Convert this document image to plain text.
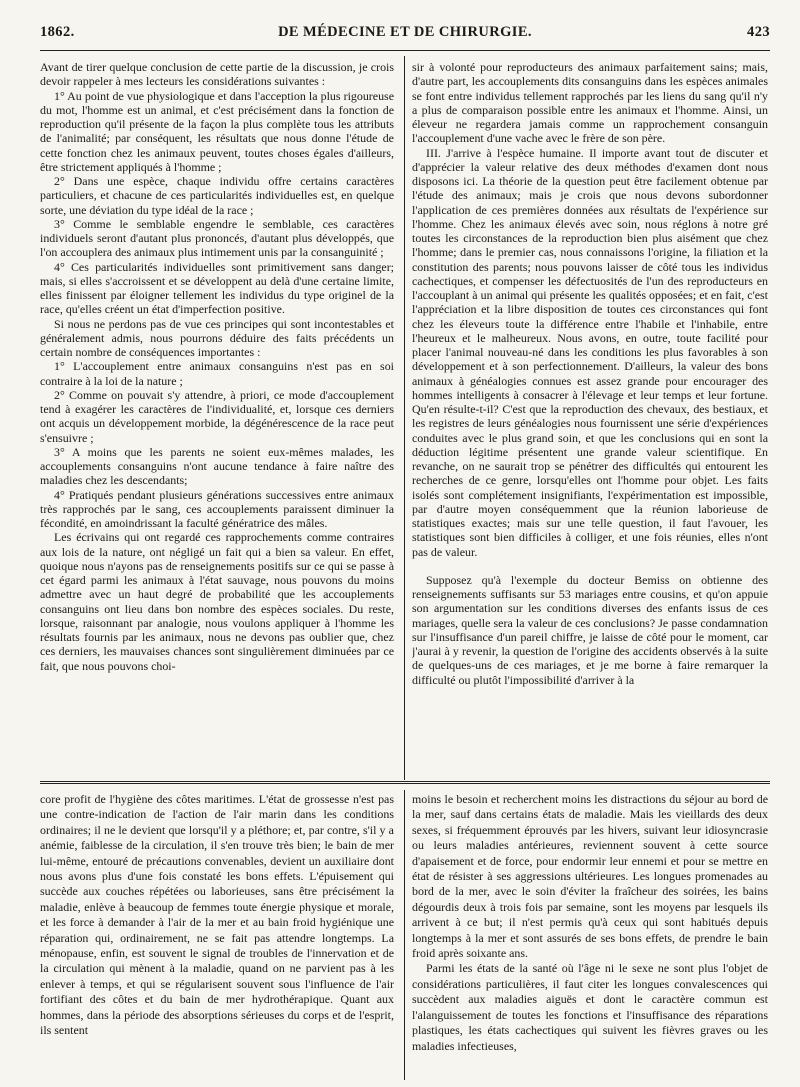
1862.	DE MÉDECINE ET DE CHIRURGIE.	423

Avant de tirer quelque conclusion de cette partie de la discussion, je crois devoir rappeler à mes lecteurs les considérations suivantes :

1° Au point de vue physiologique et dans l'acception la plus rigoureuse du mot, l'homme est un animal, et c'est précisément dans la fonction de reproduction qu'il présente de la façon la plus complète tous les attributs de l'animalité; par conséquent, les résultats que nous donne l'étude de cette fonction chez les animaux peuvent, toutes choses égales d'ailleurs, être strictement appliqués à l'homme ;

2° Dans une espèce, chaque individu offre certains caractères particuliers, et chacune de ces particularités individuelles est, en quelque sorte, une déviation du type idéal de la race ;

3° Comme le semblable engendre le semblable, ces caractères individuels seront d'autant plus prononcés, d'autant plus développés, que l'on accouplera des animaux plus intimement unis par la consanguinité ;

4° Ces particularités individuelles sont primitivement sans danger; mais, si elles s'accroissent et se développent au delà d'une certaine limite, elles finissent par éloigner tellement les individus du type originel de la race, qu'elles créent un état d'imperfection positive.

Si nous ne perdons pas de vue ces principes qui sont incontestables et généralement admis, nous pourrons déduire des faits précédents un certain nombre de conséquences importantes :

1° L'accouplement entre animaux consanguins n'est pas en soi contraire à la loi de la nature ;

2° Comme on pouvait s'y attendre, à priori, ce mode d'accouplement tend à exagérer les caractères de l'individualité, et, lorsque ces derniers ont acquis un développement morbide, la dégénérescence de la race peut s'ensuivre ;

3° A moins que les parents ne soient eux-mêmes malades, les accouplements consanguins n'ont aucune tendance à faire naître des maladies chez les descendants;

4° Pratiqués pendant plusieurs générations successives entre animaux très rapprochés par le sang, ces accouplements paraissent diminuer la fécondité, en amoindrissant la faculté génératrice des mâles.

Les écrivains qui ont regardé ces rapprochements comme contraires aux lois de la nature, ont négligé un fait qui a bien sa valeur. En effet, quoique nous n'ayons pas de renseignements positifs sur ce qui se passe à cet égard parmi les animaux à l'état sauvage, nous pouvons du moins admettre avec un haut degré de probabilité que les accouplements consanguins ont lieu dans bon nombre des espèces sociales. Du reste, lorsque, raisonnant par analogie, nous voulons appliquer à l'homme les résultats fournis par les animaux, nous ne devons pas oublier que, chez ces derniers, les mauvaises chances sont singulièrement diminuées par ce fait, que nous pouvons choi-

sir à volonté pour reproducteurs des animaux parfaitement sains; mais, d'autre part, les accouplements dits consanguins dans les espèces animales se font entre individus tellement rapprochés par les liens du sang qu'il n'y a plus de comparaison possible entre les animaux et l'homme. Ainsi, un éleveur ne regardera jamais comme un rapprochement consanguin l'accouplement d'une vache avec le frère de son père.

III. J'arrive à l'espèce humaine. Il importe avant tout de discuter et d'apprécier la valeur relative des deux méthodes d'examen dont nous disposons ici. La théorie de la question peut être facilement obtenue par l'étude des animaux; mais je crois que nous devons subordonner l'application de ces premières données aux résultats de l'expérience sur l'homme. Chez les animaux élevés avec soin, nous réglons à notre gré toutes les circonstances de la reproduction bien plus aisément que chez l'homme; dans le premier cas, nous connaissons l'origine, la filiation et la constitution des parents; nous pouvons laisser de côté tous les individus cachectiques, et compenser les défectuosités de l'un des reproducteurs en l'accouplant à un animal qui présente les qualités opposées; et en fait, c'est l'appréciation et la libre disposition de toutes ces circonstances qui font chez les éleveurs toute la différence entre l'habile et l'inhabile, entre l'heureux et le malheureux. Nous avons, en outre, toute facilité pour placer l'animal nouveau-né dans les conditions les plus favorables à son développement et à son perfectionnement. D'ailleurs, la valeur des bons animaux à généalogies connues est assez grande pour encourager des hommes intelligents à consacrer à l'élevage et leur temps et leur fortune. Qu'en résulte-t-il? C'est que la reproduction des chevaux, des bestiaux, et les registres de leurs généalogies nous fournissent une série d'expériences conduites avec le plus grand soin, et que les conclusions qui en sont la déduction légitime présentent une grande valeur scientifique. En revanche, on ne saurait trop se pénétrer des difficultés qui entourent les recherches de ce genre, lorsqu'elles ont l'homme pour objet. Les faits isolés sont complétement insignifiants, l'expérimentation est impossible, par d'autre moyen conséquemment que la réunion laborieuse de statistiques exactes; mais sur une telle question, il faut l'avouer, les statistiques sont bien difficiles à colliger, et une fois réunies, elles n'ont pas de valeur.

Supposez qu'à l'exemple du docteur Bemiss on obtienne des renseignements suffisants sur 53 mariages entre cousins, et qu'on appuie son argumentation sur les conditions diverses des enfants issus de ces mariages, quelle sera la valeur de ces conclusions? Je passe condamnation sur l'insuffisance d'un pareil chiffre, je laisse de côté pour le moment, car j'aurai à y revenir, la question de l'origine des accidents observés à la suite de quelques-uns de ces mariages, et je me borne à faire remarquer la difficulté ou plutôt l'impossibilité d'arriver à la

core profit de l'hygiène des côtes maritimes. L'état de grossesse n'est pas une contre-indication de l'action de l'air marin dans les conditions ordinaires; il ne le devient que lorsqu'il y a pléthore; et, par contre, s'il y a anémie, faiblesse de la circulation, il s'en trouve très bien; le bain de mer lui-même, entouré de précautions convenables, devient un auxiliaire dont nous avons plus d'une fois constaté les bons effets. L'épuisement qui succède aux couches répétées ou laborieuses, sans être précisément la maladie, enlève à beaucoup de femmes toute énergie physique et morale, et les force à demander à l'air de la mer et au bain froid hygiénique une réparation qui, ordinairement, ne se fait pas attendre longtemps. La ménopause, enfin, est souvent le signal de troubles de l'innervation et de la circulation qui mènent à la maladie, quand on ne parvient pas à les enlever à temps, et qui se régularisent souvent sous l'influence de l'air fortifiant des côtes et du bain de mer hydrothérapique. Quant aux hommes, dans la période des absorptions sérieuses du corps et de l'esprit, ils sentent

moins le besoin et recherchent moins les distractions du séjour au bord de la mer, sauf dans certains états de maladie. Mais les vieillards des deux sexes, si fréquemment éprouvés par les hivers, suivant leur idiosyncrasie ou leurs maladies antérieures, reviennent souvent à cette source d'apaisement et de force, pour endormir leur ennemi et pour se mettre en état de résister à ses aggressions ultérieures. Les longues promenades au bord de la mer, avec le soin d'éviter la fraîcheur des soirées, les bains dégourdis deux à trois fois par semaine, sont les moyens par lesquels ils arrivent à ce but; il n'est permis qu'à ceux qui sont habitués depuis longtemps à la mer et sont assurés de ses bons effets, de prendre le bain froid après soixante ans.

Parmi les états de la santé où l'âge ni le sexe ne sont plus l'objet de considérations particulières, il faut citer les longues convalescences qui succèdent aux maladies aiguës et dont le caractère commun est l'alanguissement de toutes les fonctions et l'insuffisance des réparations plastiques, les états cachectiques qui suivent les fièvres graves ou les maladies infectieuses,
